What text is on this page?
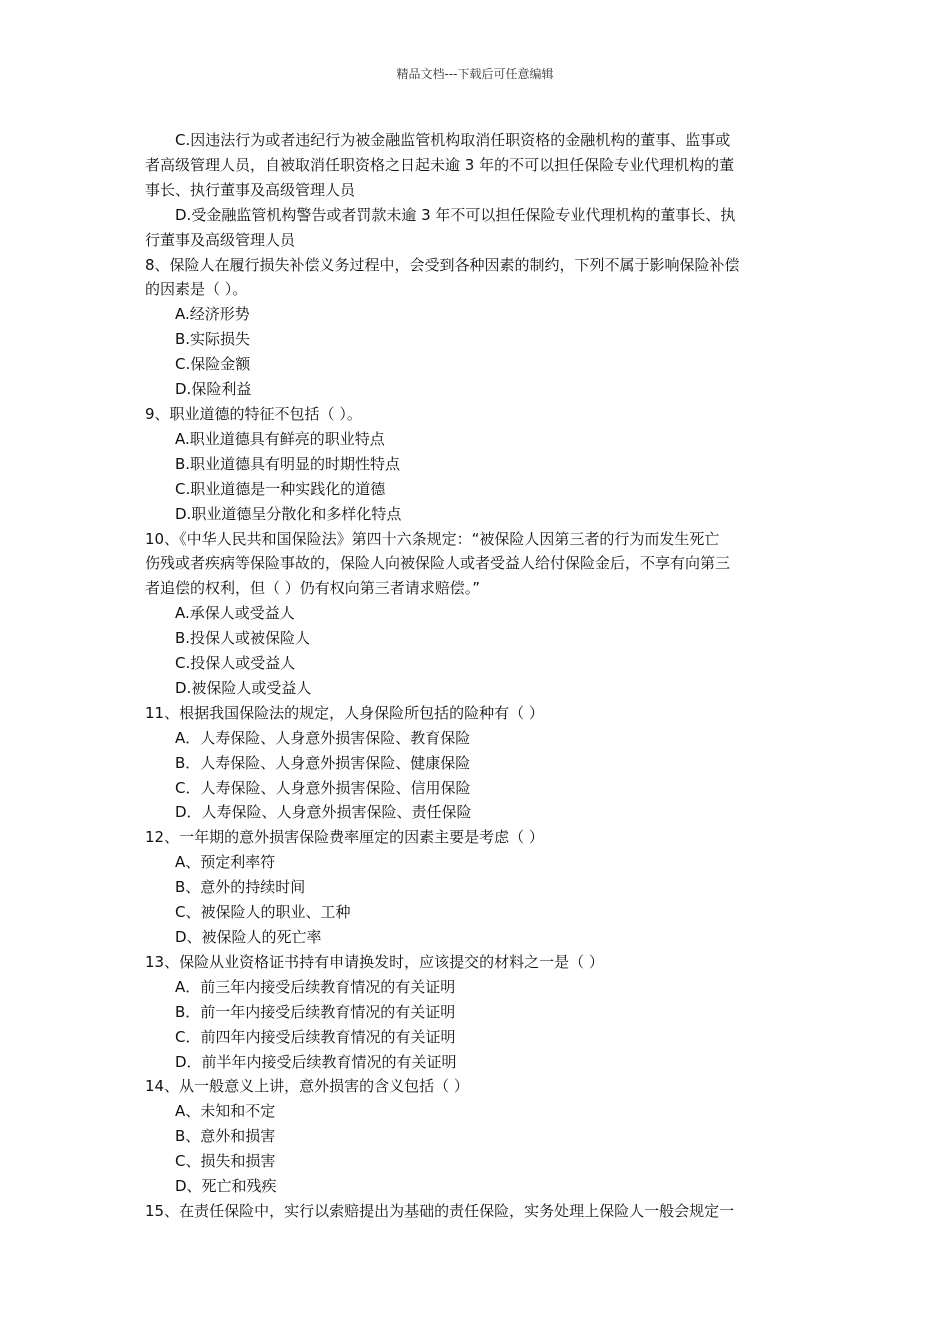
精品文档---下载后可任意编辑
C.因违法行为或者违纪行为被金融监管机构取消任职资格的金融机构的董事、监事或
者高级管理人员，自被取消任职资格之日起未逾 3 年的不可以担任保险专业代理机构的董
事长、执行董事及高级管理人员
D.受金融监管机构警告或者罚款未逾 3 年不可以担任保险专业代理机构的董事长、执
行董事及高级管理人员
8、保险人在履行损失补偿义务过程中，会受到各种因素的制约，下列不属于影响保险补偿
的因素是（ ）。
A.经济形势
B.实际损失
C.保险金额
D.保险利益
9、职业道德的特征不包括（ ）。
A.职业道德具有鲜亮的职业特点
B.职业道德具有明显的时期性特点
C.职业道德是一种实践化的道德
D.职业道德呈分散化和多样化特点
10、《中华人民共和国保险法》第四十六条规定：“被保险人因第三者的行为而发生死亡
伤残或者疾病等保险事故的，保险人向被保险人或者受益人给付保险金后，不享有向第三
者追偿的权利，但（ ）仍有权向第三者请求赔偿。”
A.承保人或受益人
B.投保人或被保险人
C.投保人或受益人
D.被保险人或受益人
11、根据我国保险法的规定，人身保险所包括的险种有（ ）
A．人寿保险、人身意外损害保险、教育保险
B．人寿保险、人身意外损害保险、健康保险
C．人寿保险、人身意外损害保险、信用保险
D．人寿保险、人身意外损害保险、责任保险
12、一年期的意外损害保险费率厘定的因素主要是考虑（ ）
A、预定利率符
B、意外的持续时间
C、被保险人的职业、工种
D、被保险人的死亡率
13、保险从业资格证书持有申请换发时，应该提交的材料之一是（ ）
A．前三年内接受后续教育情况的有关证明
B．前一年内接受后续教育情况的有关证明
C．前四年内接受后续教育情况的有关证明
D．前半年内接受后续教育情况的有关证明
14、从一般意义上讲，意外损害的含义包括（ ）
A、未知和不定
B、意外和损害
C、损失和损害
D、死亡和残疾
15、在责任保险中，实行以索赔提出为基础的责任保险，实务处理上保险人一般会规定一
